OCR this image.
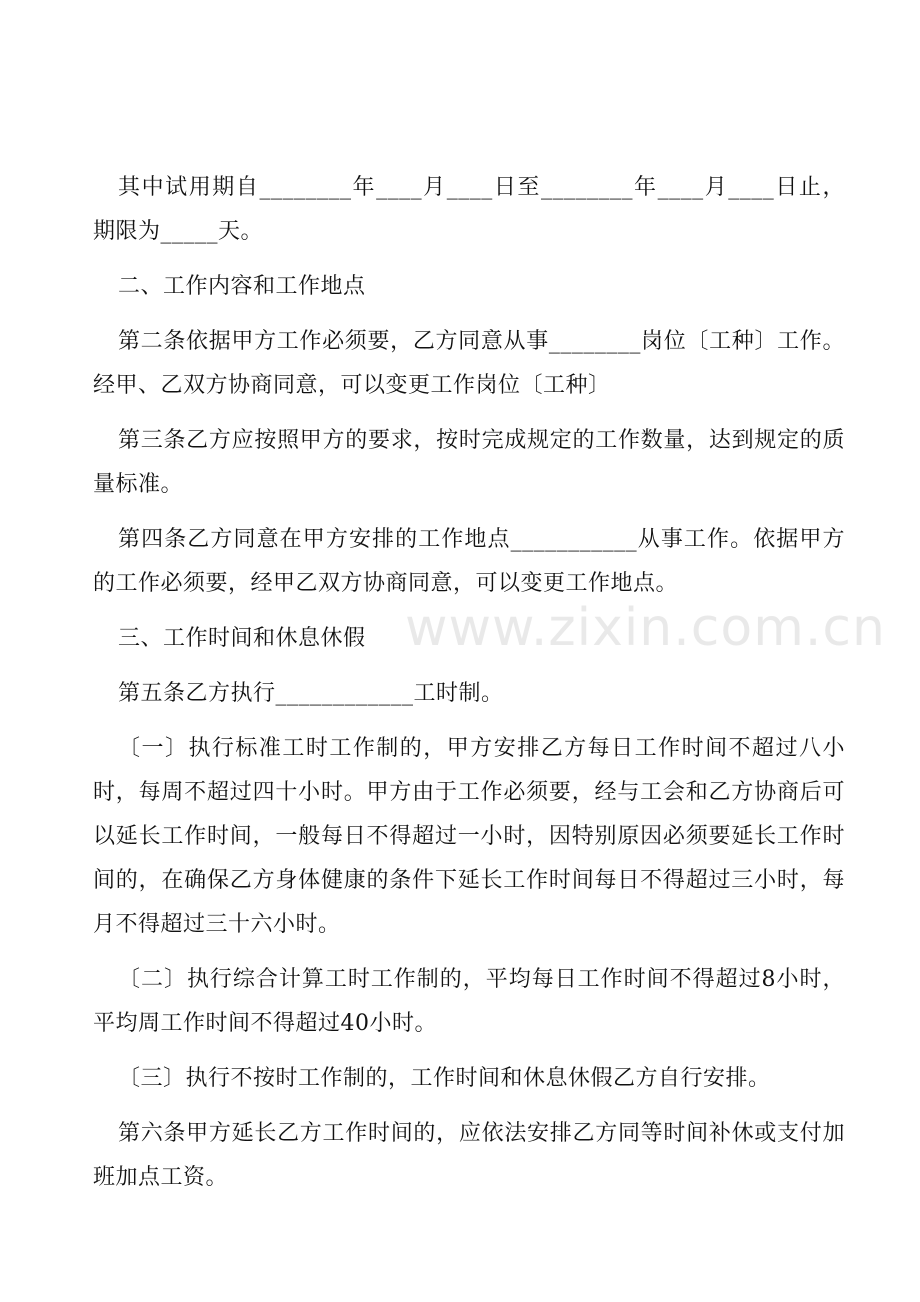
其中试用期自________年____月____日至________年____月____日止，期限为_____天。

二、工作内容和工作地点

第二条依据甲方工作必须要，乙方同意从事________岗位〔工种〕工作。经甲、乙双方协商同意，可以变更工作岗位〔工种〕

第三条乙方应按照甲方的要求，按时完成规定的工作数量，达到规定的质量标准。

第四条乙方同意在甲方安排的工作地点___________从事工作。依据甲方的工作必须要，经甲乙双方协商同意，可以变更工作地点。

三、工作时间和休息休假

第五条乙方执行____________工时制。

〔一〕执行标准工时工作制的，甲方安排乙方每日工作时间不超过八小时，每周不超过四十小时。甲方由于工作必须要，经与工会和乙方协商后可以延长工作时间，一般每日不得超过一小时，因特别原因必须要延长工作时间的，在确保乙方身体健康的条件下延长工作时间每日不得超过三小时，每月不得超过三十六小时。

〔二〕执行综合计算工时工作制的，平均每日工作时间不得超过8小时，平均周工作时间不得超过40小时。

〔三〕执行不按时工作制的，工作时间和休息休假乙方自行安排。

第六条甲方延长乙方工作时间的，应依法安排乙方同等时间补休或支付加班加点工资。

www.zixin.com.cn
